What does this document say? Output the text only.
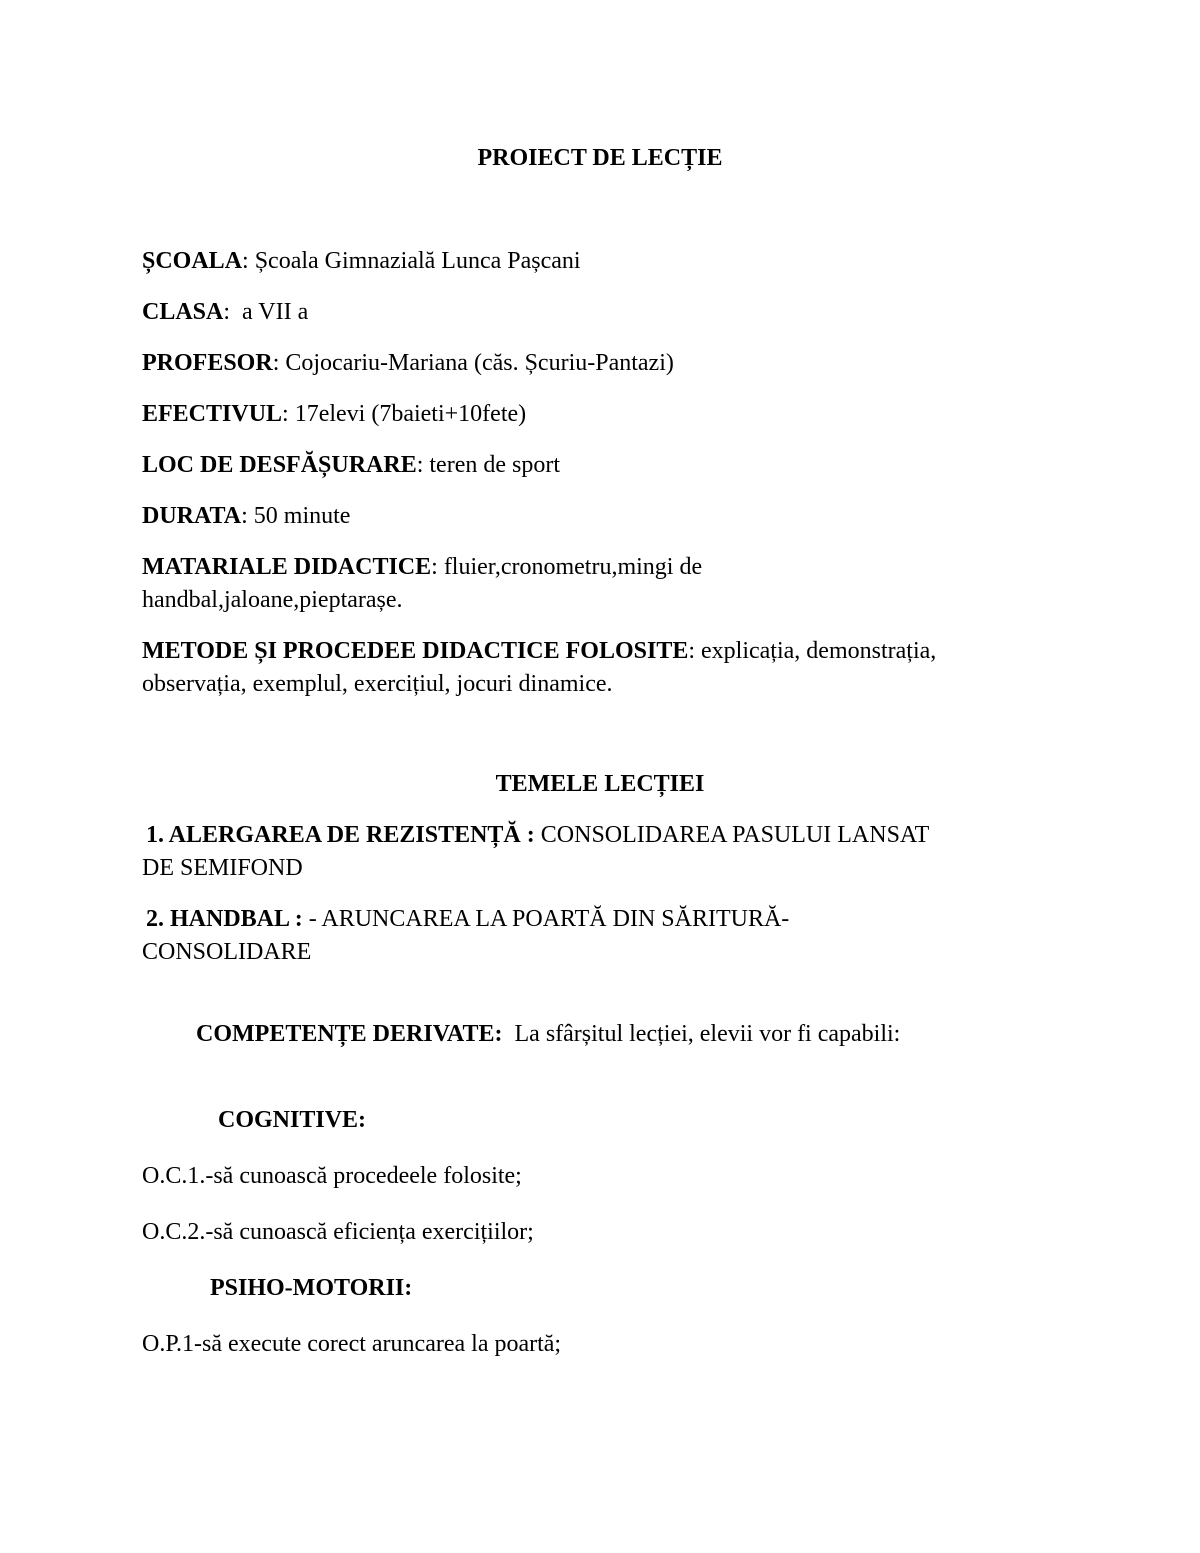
PROIECT DE LECȚIE
ȘCOALA: Școala Gimnazială Lunca Pașcani
CLASA:  a VII a
PROFESOR: Cojocariu-Mariana (căs. Șcuriu-Pantazi)
EFECTIVUL: 17elevi (7baieti+10fete)
LOC DE DESFĂȘURARE: teren de sport
DURATA: 50 minute
MATARIALE DIDACTICE: fluier,cronometru,mingi de
handbal,jaloane,pieptarașe.
METODE ȘI PROCEDEE DIDACTICE FOLOSITE: explicația, demonstrația,
observația, exemplul, exercițiul, jocuri dinamice.
TEMELE LECȚIEI
1. ALERGAREA DE REZISTENȚĂ : CONSOLIDAREA PASULUI LANSAT
DE SEMIFOND
2. HANDBAL : - ARUNCAREA LA POARTĂ DIN SĂRITURĂ-
CONSOLIDARE
COMPETENȚE DERIVATE: La sfârșitul lecției, elevii vor fi capabili:
COGNITIVE:
O.C.1.-să cunoască procedeele folosite;
O.C.2.-să cunoască eficiența exercițiilor;
PSIHO-MOTORII:
O.P.1-să execute corect aruncarea la poartă;
